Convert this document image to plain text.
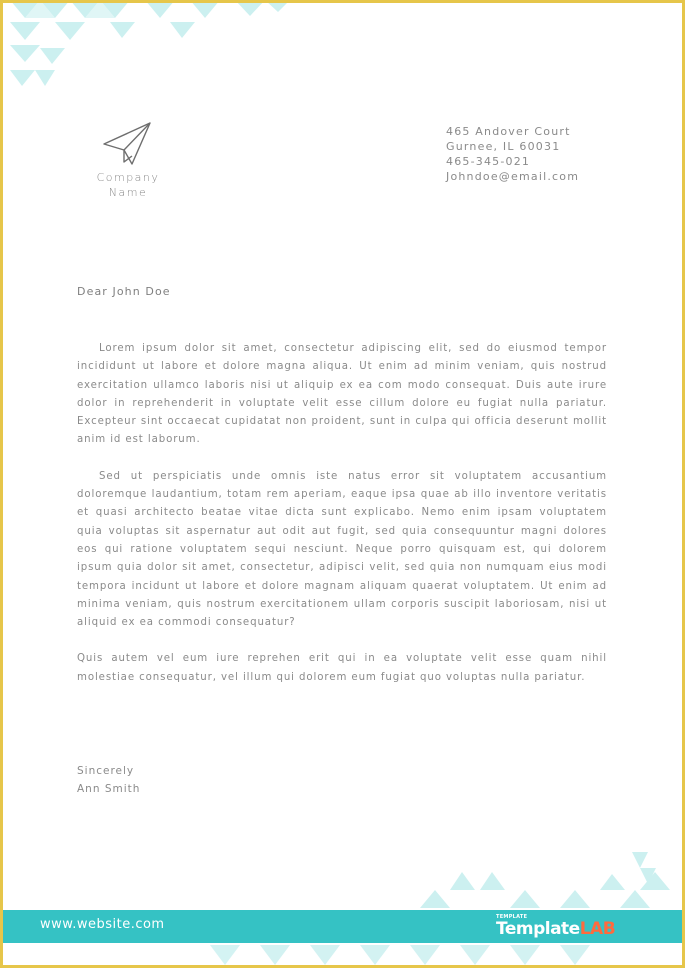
Company Name
465 Andover Court
Gurnee, IL 60031
465-345-021
Johndoe@email.com
Dear John Doe

Lorem ipsum dolor sit amet, consectetur adipiscing elit, sed do eiusmod tempor incididunt ut labore et dolore magna aliqua. Ut enim ad minim veniam, quis nostrud exercitation ullamco laboris nisi ut aliquip ex ea com modo consequat. Duis aute irure dolor in reprehenderit in voluptate velit esse cillum dolore eu fugiat nulla pariatur. Excepteur sint occaecat cupidatat non proident, sunt in culpa qui officia deserunt mollit anim id est laborum.

Sed ut perspiciatis unde omnis iste natus error sit voluptatem accusantium doloremque laudantium, totam rem aperiam, eaque ipsa quae ab illo inventore veritatis et quasi architecto beatae vitae dicta sunt explicabo. Nemo enim ipsam voluptatem quia voluptas sit aspernatur aut odit aut fugit, sed quia consequuntur magni dolores eos qui ratione voluptatem sequi nesciunt. Neque porro quisquam est, qui dolorem ipsum quia dolor sit amet, consectetur, adipisci velit, sed quia non numquam eius modi tempora incidunt ut labore et dolore magnam aliquam quaerat voluptatem. Ut enim ad minima veniam, quis nostrum exercitationem ullam corporis suscipit laboriosam, nisi ut aliquid ex ea commodi consequatur?

Quis autem vel eum iure reprehen erit qui in ea voluptate velit esse quam nihil molestiae consequatur, vel illum qui dolorem eum fugiat quo voluptas nulla pariatur.

Sincerely
Ann Smith
www.website.com	TEMPLATE
TemplateLAB
